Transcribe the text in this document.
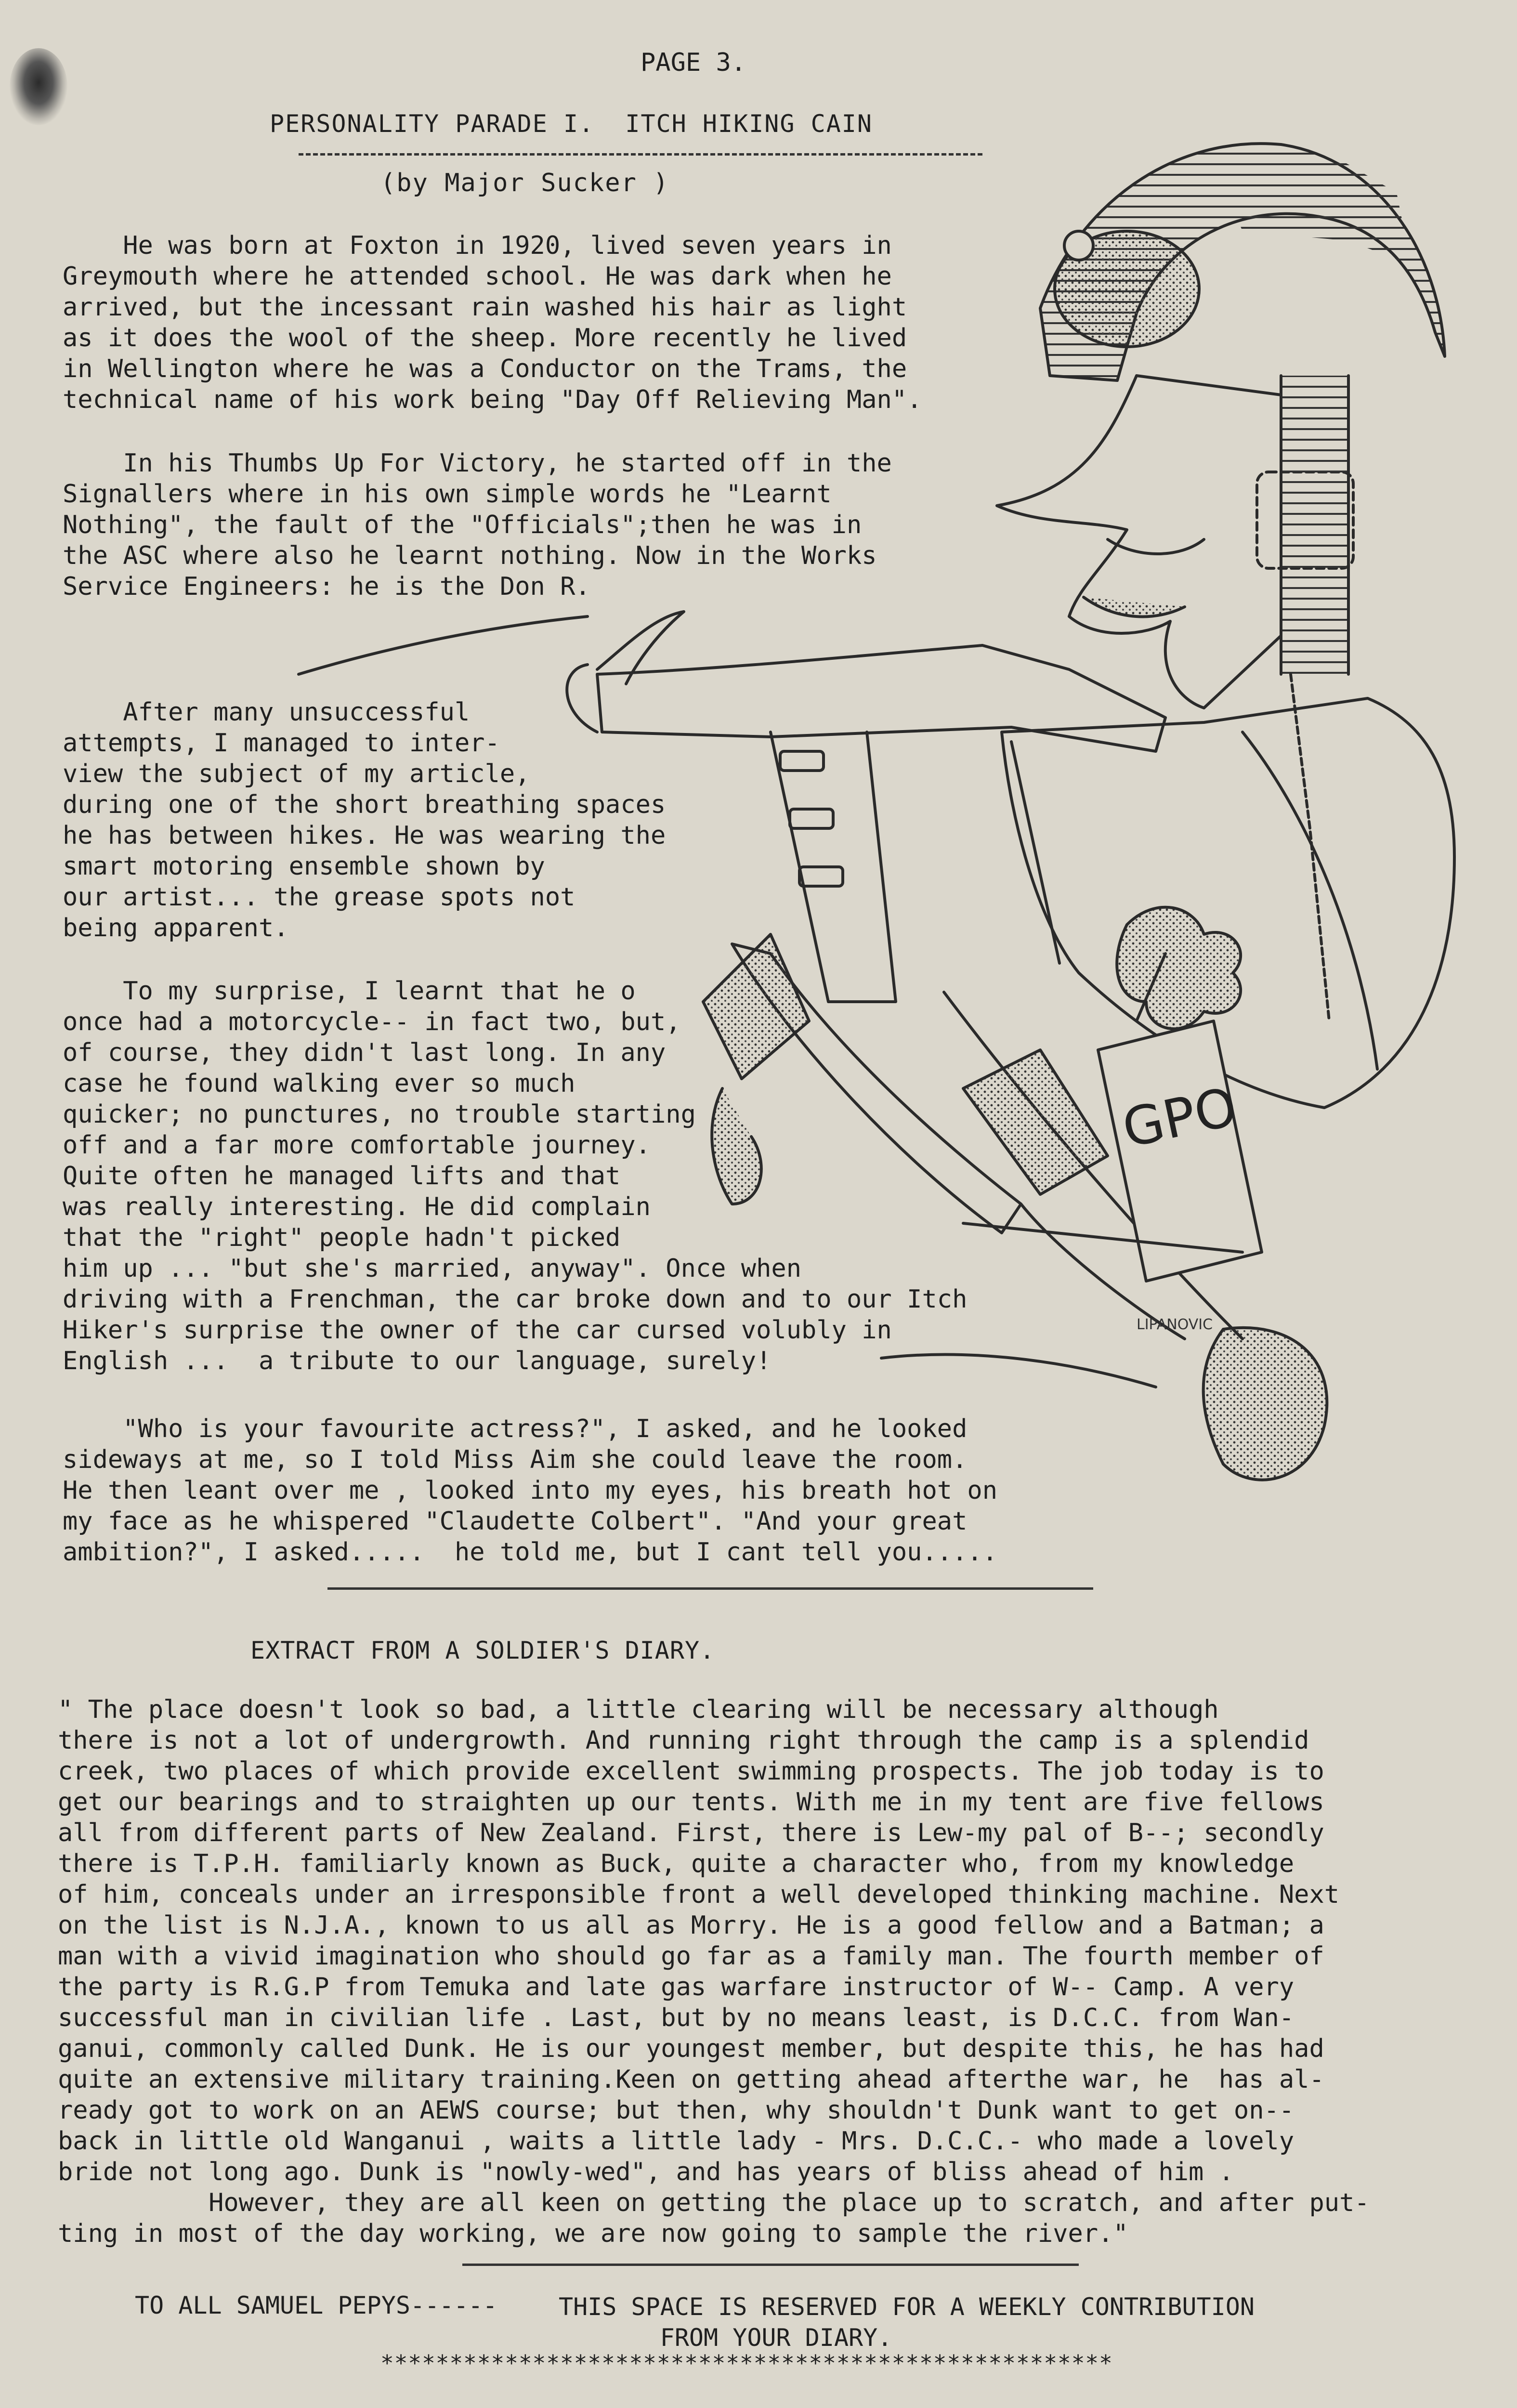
PAGE 3.
PERSONALITY PARADE I.  ITCH HIKING CAIN
(by Major Sucker )
He was born at Foxton in 1920, lived seven years in
Greymouth where he attended school. He was dark when he
arrived, but the incessant rain washed his hair as light
as it does the wool of the sheep. More recently he lived
in Wellington where he was a Conductor on the Trams, the
technical name of his work being "Day Off Relieving Man".
In his Thumbs Up For Victory, he started off in the
Signallers where in his own simple words he "Learnt
Nothing", the fault of the "Officials";then he was in
the ASC where also he learnt nothing. Now in the Works
Service Engineers: he is the Don R.
After many unsuccessful
attempts, I managed to inter-
view the subject of my article,
during one of the short breathing spaces
he has between hikes. He was wearing the
smart motoring ensemble shown by
our artist... the grease spots not
being apparent.
To my surprise, I learnt that he o
once had a motorcycle-- in fact two, but,
of course, they didn't last long. In any
case he found walking ever so much
quicker; no punctures, no trouble starting
off and a far more comfortable journey.
Quite often he managed lifts and that
was really interesting. He did complain
that the "right" people hadn't picked
him up ... "but she's married, anyway". Once when
driving with a Frenchman, the car broke down and to our Itch
Hiker's surprise the owner of the car cursed volubly in
English ...  a tribute to our language, surely!
"Who is your favourite actress?", I asked, and he looked
sideways at me, so I told Miss Aim she could leave the room.
He then leant over me , looked into my eyes, his breath hot on
my face as he whispered "Claudette Colbert". "And your great
ambition?", I asked.....  he told me, but I cant tell you.....
GPO
LIPANOVIC
EXTRACT FROM A SOLDIER'S DIARY.
" The place doesn't look so bad, a little clearing will be necessary although
there is not a lot of undergrowth. And running right through the camp is a splendid
creek, two places of which provide excellent swimming prospects. The job today is to
get our bearings and to straighten up our tents. With me in my tent are five fellows
all from different parts of New Zealand. First, there is Lew-my pal of B--; secondly
there is T.P.H. familiarly known as Buck, quite a character who, from my knowledge
of him, conceals under an irresponsible front a well developed thinking machine. Next
on the list is N.J.A., known to us all as Morry. He is a good fellow and a Batman; a
man with a vivid imagination who should go far as a family man. The fourth member of
the party is R.G.P from Temuka and late gas warfare instructor of W-- Camp. A very
successful man in civilian life . Last, but by no means least, is D.C.C. from Wan-
ganui, commonly called Dunk. He is our youngest member, but despite this, he has had
quite an extensive military training.Keen on getting ahead afterthe war, he  has al-
ready got to work on an AEWS course; but then, why shouldn't Dunk want to get on--
back in little old Wanganui , waits a little lady - Mrs. D.C.C.- who made a lovely
bride not long ago. Dunk is "nowly-wed", and has years of bliss ahead of him .
However, they are all keen on getting the place up to scratch, and after put-
ting in most of the day working, we are now going to sample the river."
TO ALL SAMUEL PEPYS------	THIS SPACE IS RESERVED FOR A WEEKLY CONTRIBUTION
FROM YOUR DIARY.
*****************************************************
